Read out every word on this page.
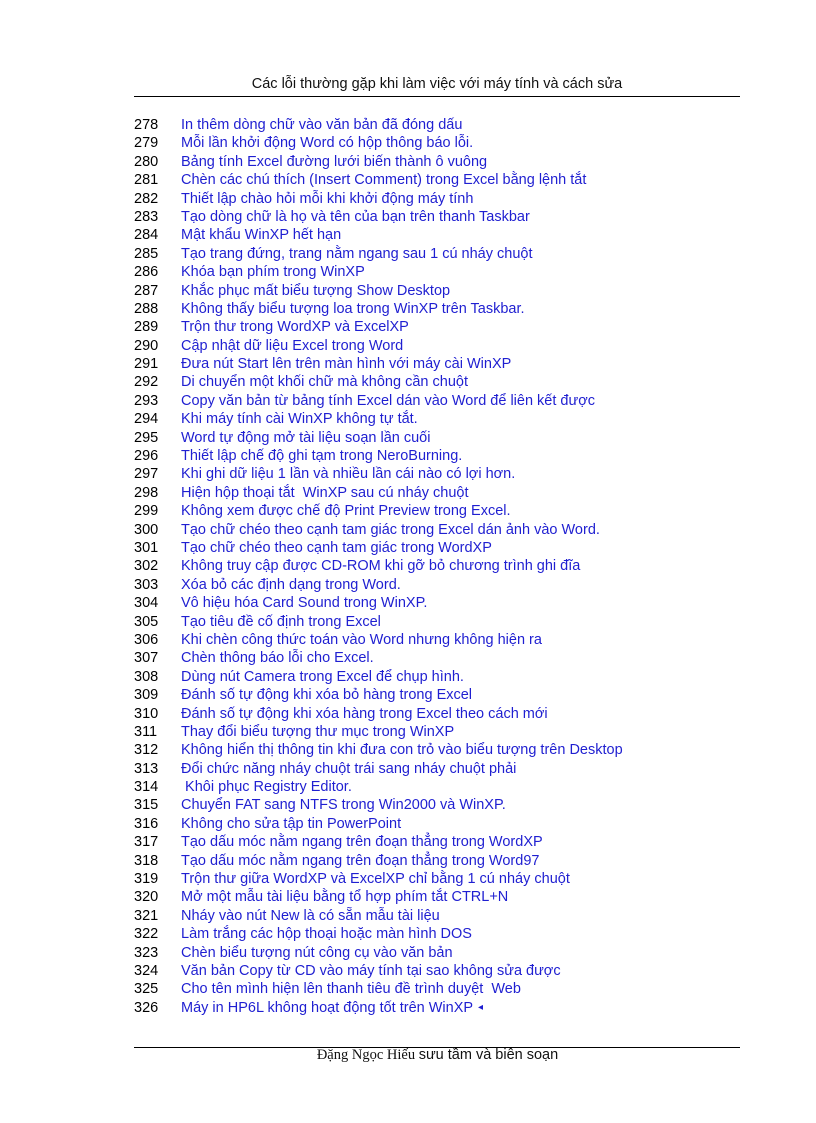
Các lỗi thường gặp khi làm việc với máy tính và cách sửa
278	In thêm dòng chữ vào văn bản đã đóng dấu
279	Mỗi lần khởi động Word có hộp thông báo lỗi.
280	Bảng tính Excel đường lưới biến thành ô vuông
281	Chèn các chú thích (Insert Comment) trong Excel bằng lệnh tắt
282	Thiết lập chào hỏi mỗi khi khởi động máy tính
283	Tạo dòng chữ là họ và tên của bạn trên thanh Taskbar
284	Mật khẩu WinXP hết hạn
285	Tạo trang đứng, trang nằm ngang sau 1 cú nháy chuột
286	Khóa bạn phím trong WinXP
287	Khắc phục mất biểu tượng Show Desktop
288	Không thấy biểu tượng loa trong WinXP trên Taskbar.
289	Trộn thư trong WordXP và ExcelXP
290	Cập nhật dữ liệu Excel trong Word
291	Đưa nút Start lên trên màn hình với máy cài WinXP
292	Di chuyển một khối chữ mà không cần chuột
293	Copy văn bản từ bảng tính Excel dán vào Word để liên kết được
294	Khi máy tính cài WinXP không tự tắt.
295	Word tự động mở tài liệu soạn lần cuối
296	Thiết lập chế độ ghi tạm trong NeroBurning.
297	Khi ghi dữ liệu 1 lần và nhiều lần cái nào có lợi hơn.
298	Hiện hộp thoại tắt  WinXP sau cú nháy chuột
299	Không xem được chế độ Print Preview trong Excel.
300	Tạo chữ chéo theo cạnh tam giác trong Excel dán ảnh vào Word.
301	Tạo chữ chéo theo cạnh tam giác trong WordXP
302	Không truy cập được CD-ROM khi gỡ bỏ chương trình ghi đĩa
303	Xóa bỏ các định dạng trong Word.
304	Vô hiệu hóa Card Sound trong WinXP.
305	Tạo tiêu đề cố định trong Excel
306	Khi chèn công thức toán vào Word nhưng không hiện ra
307	Chèn thông báo lỗi cho Excel.
308	Dùng nút Camera trong Excel để chụp hình.
309	Đánh số tự động khi xóa bỏ hàng trong Excel
310	Đánh số tự động khi xóa hàng trong Excel theo cách mới
311	Thay đổi biểu tượng thư mục trong WinXP
312	Không hiển thị thông tin khi đưa con trỏ vào biểu tượng trên Desktop
313	Đổi chức năng nháy chuột trái sang nháy chuột phải
314	Khôi phục Registry Editor.
315	Chuyển FAT sang NTFS trong Win2000 và WinXP.
316	Không cho sửa tập tin PowerPoint
317	Tạo dấu móc nằm ngang trên đoạn thẳng trong WordXP
318	Tạo dấu móc nằm ngang trên đoạn thẳng trong Word97
319	Trộn thư giữa WordXP và ExcelXP chỉ bằng 1 cú nháy chuột
320	Mở một mẫu tài liệu bằng tổ hợp phím tắt CTRL+N
321	Nháy vào nút New là có sẵn mẫu tài liệu
322	Làm trắng các hộp thoại hoặc màn hình DOS
323	Chèn biểu tượng nút công cụ vào văn bản
324	Văn bản Copy từ CD vào máy tính tại sao không sửa được
325	Cho tên mình hiện lên thanh tiêu đề trình duyệt  Web
326	Máy in HP6L không hoạt động tốt trên WinXP ◂
Đặng Ngọc Hiếu sưu tầm và biên soạn
